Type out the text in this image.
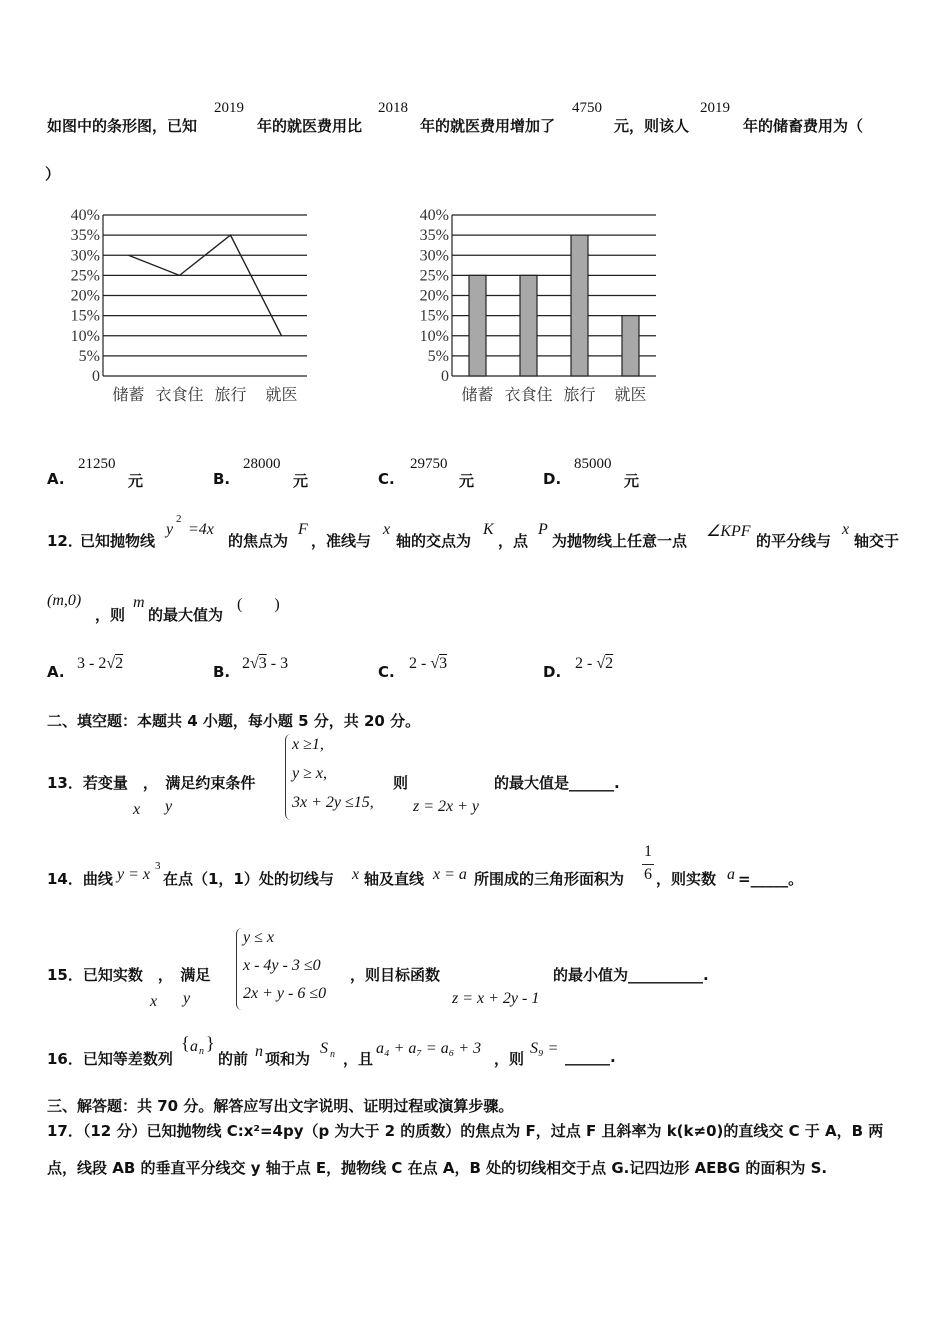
如图中的条形图，已知
2019
年的就医费用比
2018
年的就医费用增加了
4750
元，则该人
2019
年的储畜费用为（
）
0
5%
10%
15%
20%
25%
30%
35%
40%
储蓄 衣食住 旅行 就医
0
5%
10%
15%
20%
25%
30%
35%
40%
储蓄 衣食住 旅行 就医
A.
21250
元	B.
28000
元	C.
29750
元	D.
85000
元
12．
已知抛物线
y
2
=4x
的焦点为
F
，准线与
x
轴的交点为
K
，点
P
为抛物线上任意一点
∠KPF
的平分线与
x
轴交于
(m,0)
，则
m
的最大值为
(　　)
A. 3 - 2√2	B. 2√3 - 3	C. 2 - √3	D. 2 - √2
二、填空题：本题共 4 小题，每小题 5 分，共 20 分。
13．若变量　，　满足约束条件
x y
x ≥1,
y ≥ x,
3x + 2y ≤15,
则
z = 2x + y
的最大值是______.
14．曲线 y = x 3
在点（1，1）处的切线与 x 轴及直线 x = a 所围成的三角形面积为
1
6 ，则实数 a =_____。
15．已知实数　，　满足
x y
y ≤ x
x - 4y - 3 ≤0
2x + y - 6 ≤0
，则目标函数
z = x + 2y - 1
的最小值为__________.
16．已知等差数列
{ a n }
的前 n 项和为
S n ，且
a₄ + a₇ = a₆ + 3
，则
S₉ = ______.
三、解答题：共 70 分。解答应写出文字说明、证明过程或演算步骤。
17．（12 分）已知抛物线 C:x²=4py（p 为大于 2 的质数）的焦点为 F，过点 F 且斜率为 k(k≠0)的直线交 C 于 A，B 两
点，线段 AB 的垂直平分线交 y 轴于点 E，抛物线 C 在点 A，B 处的切线相交于点 G.记四边形 AEBG 的面积为 S.
